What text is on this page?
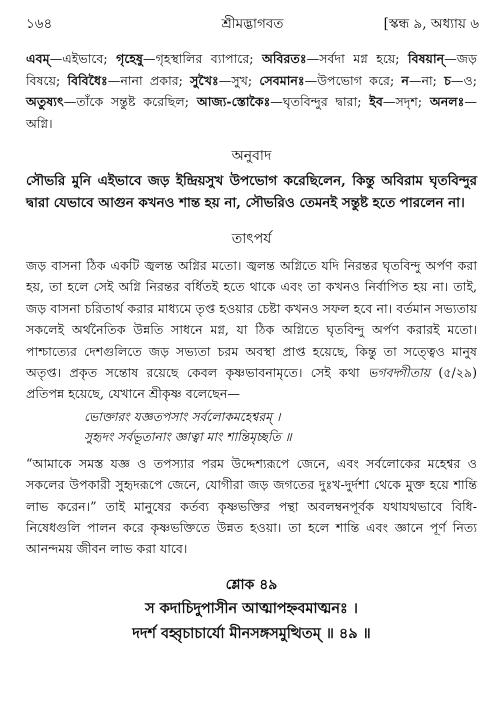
১৬৪	শ্রীমদ্ভাগবত	[স্কন্ধ ৯, অধ্যায় ৬

এবম্—এইভাবে; গৃহেষু—গৃহস্থালির ব্যাপারে; অবিরতঃ—সর্বদা মগ্ন হয়ে; বিষয়ান্—জড় বিষয়ে; বিবিধৈঃ—নানা প্রকার; সুখৈঃ—সুখ; সেবমানঃ—উপভোগ করে; ন—না; চ—ও; অতুষ্যৎ—তাঁকে সন্তুষ্ট করেছিল; আজ্য-স্তোকৈঃ—ঘৃতবিন্দুর দ্বারা; ইব—সদৃশ; অনলঃ—অগ্নি।

অনুবাদ

সৌভরি মুনি এইভাবে জড় ইন্দ্রিয়সুখ উপভোগ করেছিলেন, কিন্তু অবিরাম ঘৃতবিন্দুর দ্বারা যেভাবে আগুন কখনও শান্ত হয় না, সৌভরিও তেমনই সন্তুষ্ট হতে পারলেন না।

তাৎপর্য

জড় বাসনা ঠিক একটি জ্বলন্ত অগ্নির মতো। জ্বলন্ত অগ্নিতে যদি নিরন্তর ঘৃতবিন্দু অর্পণ করা হয়, তা হলে সেই অগ্নি নিরন্তর বর্ধিতই হতে থাকে এবং তা কখনও নির্বাপিত হয় না। তাই, জড় বাসনা চরিতার্থ করার মাধ্যমে তৃপ্ত হওয়ার চেষ্টা কখনও সফল হবে না। বর্তমান সভ্যতায় সকলেই অর্থনৈতিক উন্নতি সাধনে মগ্ন, যা ঠিক অগ্নিতে ঘৃতবিন্দু অর্পণ করারই মতো। পাশ্চাত্যের দেশগুলিতে জড় সভ্যতা চরম অবস্থা প্রাপ্ত হয়েছে, কিন্তু তা সত্ত্বেও মানুষ অতৃপ্ত। প্রকৃত সন্তোষ রয়েছে কেবল কৃষ্ণভাবনামৃতে। সেই কথা ভগবদ্গীতায় (৫/২৯) প্রতিপন্ন হয়েছে, যেখানে শ্রীকৃষ্ণ বলেছেন—

ভোক্তারং যজ্ঞতপসাং সর্বলোকমহেশ্বরম্ ।
সুহৃদং সর্বভূতানাং জ্ঞাত্বা মাং শান্তিমৃচ্ছতি ॥

“আমাকে সমস্ত যজ্ঞ ও তপস্যার পরম উদ্দেশ্যরূপে জেনে, এবং সর্বলোকের মহেশ্বর ও সকলের উপকারী সুহৃদরূপে জেনে, যোগীরা জড় জগতের দুঃখ-দুর্দশা থেকে মুক্ত হয়ে শান্তি লাভ করেন।” তাই মানুষের কর্তব্য কৃষ্ণভক্তির পন্থা অবলম্বনপূর্বক যথাযথভাবে বিধি-নিষেধগুলি পালন করে কৃষ্ণভক্তিতে উন্নত হওয়া। তা হলে শান্তি এবং জ্ঞানে পূর্ণ নিত্য আনন্দময় জীবন লাভ করা যাবে।

শ্লোক ৪৯
স কদাচিদুপাসীন আত্মাপহ্নবমাত্মনঃ ।
দদর্শ বহ্বৃচাচার্যো মীনসঙ্গসমুত্থিতম্ ॥ ৪৯ ॥
